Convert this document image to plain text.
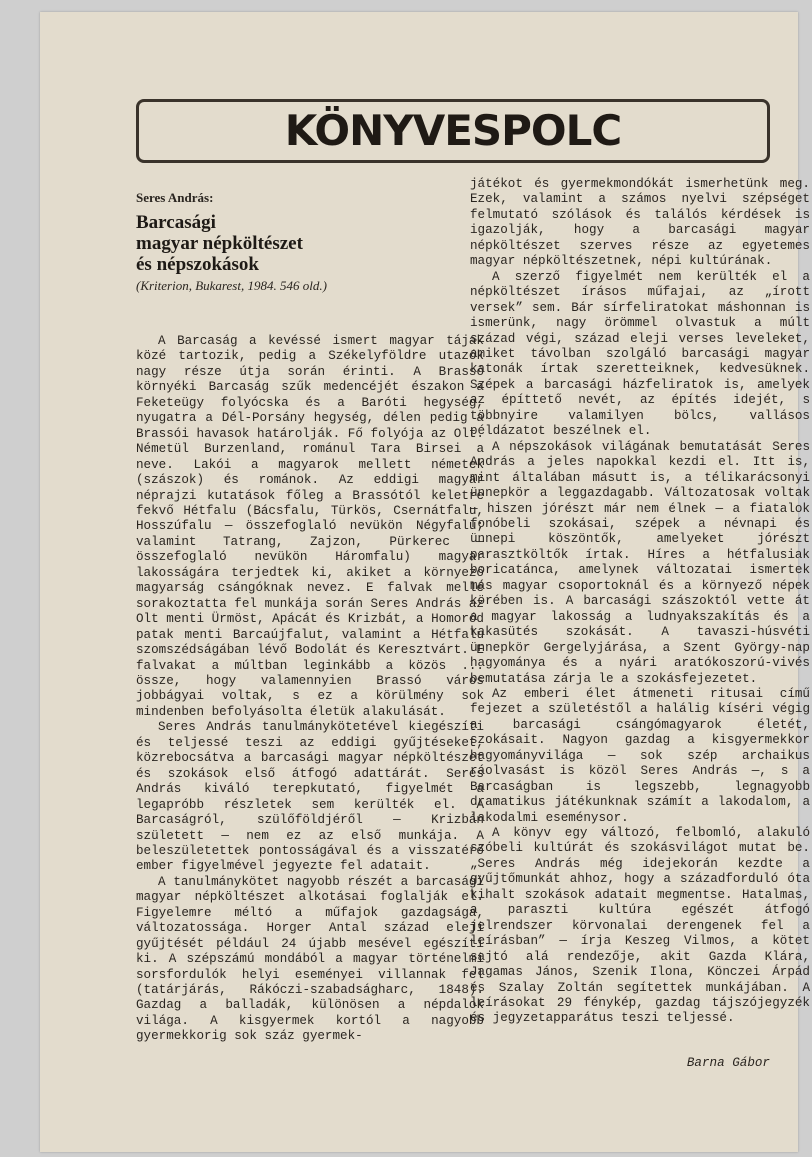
KÖNYVESPOLC

Seres András:

Barcasági
magyar népköltészet
és népszokások

(Kriterion, Bukarest, 1984. 546 old.)

A Barcaság a kevéssé ismert magyar tájak közé tartozik, pedig a Székelyföldre utazók nagy része útja során érinti. A Brassó környéki Barcaság szűk medencéjét északon a Feketeügy folyócska és a Baróti hegység, nyugatra a Dél-Porsány hegység, délen pedig a Brassói havasok határolják. Fő folyója az Olt. Németül Burzenland, románul Tara Birsei a neve. Lakói a magyarok mellett németek (szászok) és románok. Az eddigi magyar néprajzi kutatások főleg a Brassótól keletre fekvő Hétfalu (Bácsfalu, Türkös, Csernátfalu, Hosszúfalu — összefoglaló nevükön Négyfalu; valamint Tatrang, Zajzon, Pürkerec — összefoglaló nevükön Háromfalu) magyar lakosságára terjedtek ki, akiket a környező magyarság csángóknak nevez. E falvak mellé sorakoztatta fel munkája során Seres András az Olt menti Ürmöst, Apácát és Krizbát, a Homoród patak menti Barcaújfalut, valamint a Hétfalu szomszédságában lévő Bodolát és Keresztvárt. E falvakat a múltban leginkább a közös ... össze, hogy valamennyien Brassó város jobbágyai voltak, s ez a körülmény sok mindenben befolyásolta életük alakulását.

Seres András tanulmánykötetével kiegészíti és teljessé teszi az eddigi gyűjtéseket, közrebocsátva a barcasági magyar népköltészet és szokások első átfogó adattárát. Seres András kiváló terepkutató, figyelmét a legapróbb részletek sem kerülték el. A Barcaságról, szülőföldjéről — Krizbán született — nem ez az első munkája. A beleszületettek pontosságával és a visszatérő ember figyelmével jegyezte fel adatait.

A tanulmánykötet nagyobb részét a barcasági magyar népköltészet alkotásai foglalják el. Figyelemre méltó a műfajok gazdagsága, változatossága. Horger Antal század eleji gyűjtését például 24 újabb mesével egészíti ki. A szépszámú mondából a magyar történelmi sorsfordulók helyi eseményei villannak fel (tatárjárás, Rákóczi-szabadságharc, 1848). Gazdag a balladák, különösen a népdalok világa. A kisgyermek kortól a nagyobb gyermekkorig sok száz gyermek-

játékot és gyermekmondókát ismerhetünk meg. Ezek, valamint a számos nyelvi szépséget felmutató szólások és találós kérdések is igazolják, hogy a barcasági magyar népköltészet szerves része az egyetemes magyar népköltészetnek, népi kultúrának.

A szerző figyelmét nem kerülték el a népköltészet írásos műfajai, az „írott versek” sem. Bár sírfeliratokat máshonnan is ismerünk, nagy örömmel olvastuk a múlt század végi, század eleji verses leveleket, amiket távolban szolgáló barcasági magyar katonák írtak szeretteiknek, kedvesüknek. Szépek a barcasági házfeliratok is, amelyek az építtető nevét, az építés idejét, s többnyire valamilyen bölcs, vallásos példázatot beszélnek el.

A népszokások világának bemutatását Seres András a jeles napokkal kezdi el. Itt is, mint általában másutt is, a télikarácsonyi ünnepkör a leggazdagabb. Változatosak voltak — hiszen jórészt már nem élnek — a fiatalok fonóbeli szokásai, szépek a névnapi és ünnepi köszöntők, amelyeket jórészt parasztköltők írtak. Híres a hétfalusiak boricatánca, amelynek változatai ismertek más magyar csoportoknál és a környező népek körében is. A barcasági szászoktól vette át a magyar lakosság a ludnyakszakítás és a kakasütés szokását. A tavaszi-húsvéti ünnepkör Gergelyjárása, a Szent György-nap hagyománya és a nyári aratókoszorú-vivés bemutatása zárja le a szokásfejezetet.

Az emberi élet átmeneti ritusai című fejezet a születéstől a halálig kíséri végig a barcasági csángómagyarok életét, szokásait. Nagyon gazdag a kisgyermekkor hagyományvilága — sok szép archaikus ráolvasást is közöl Seres András —, s a Barcaságban is legszebb, legnagyobb dramatikus játékunknak számít a lakodalom, a lakodalmi eseménysor.

A könyv egy változó, felbomló, alakuló szóbeli kultúrát és szokásvilágot mutat be. „Seres András még idejekorán kezdte a gyűjtőmunkát ahhoz, hogy a századforduló óta kihalt szokások adatait megmentse. Hatalmas, a paraszti kultúra egészét átfogó jelrendszer körvonalai derengenek fel a leírásban” — írja Keszeg Vilmos, a kötet sajtó alá rendezője, akit Gazda Klára, Jagamas János, Szenik Ilona, Könczei Árpád és Szalay Zoltán segítettek munkájában. A leírásokat 29 fénykép, gazdag tájszójegyzék és jegyzetapparátus teszi teljessé.

Barna Gábor
